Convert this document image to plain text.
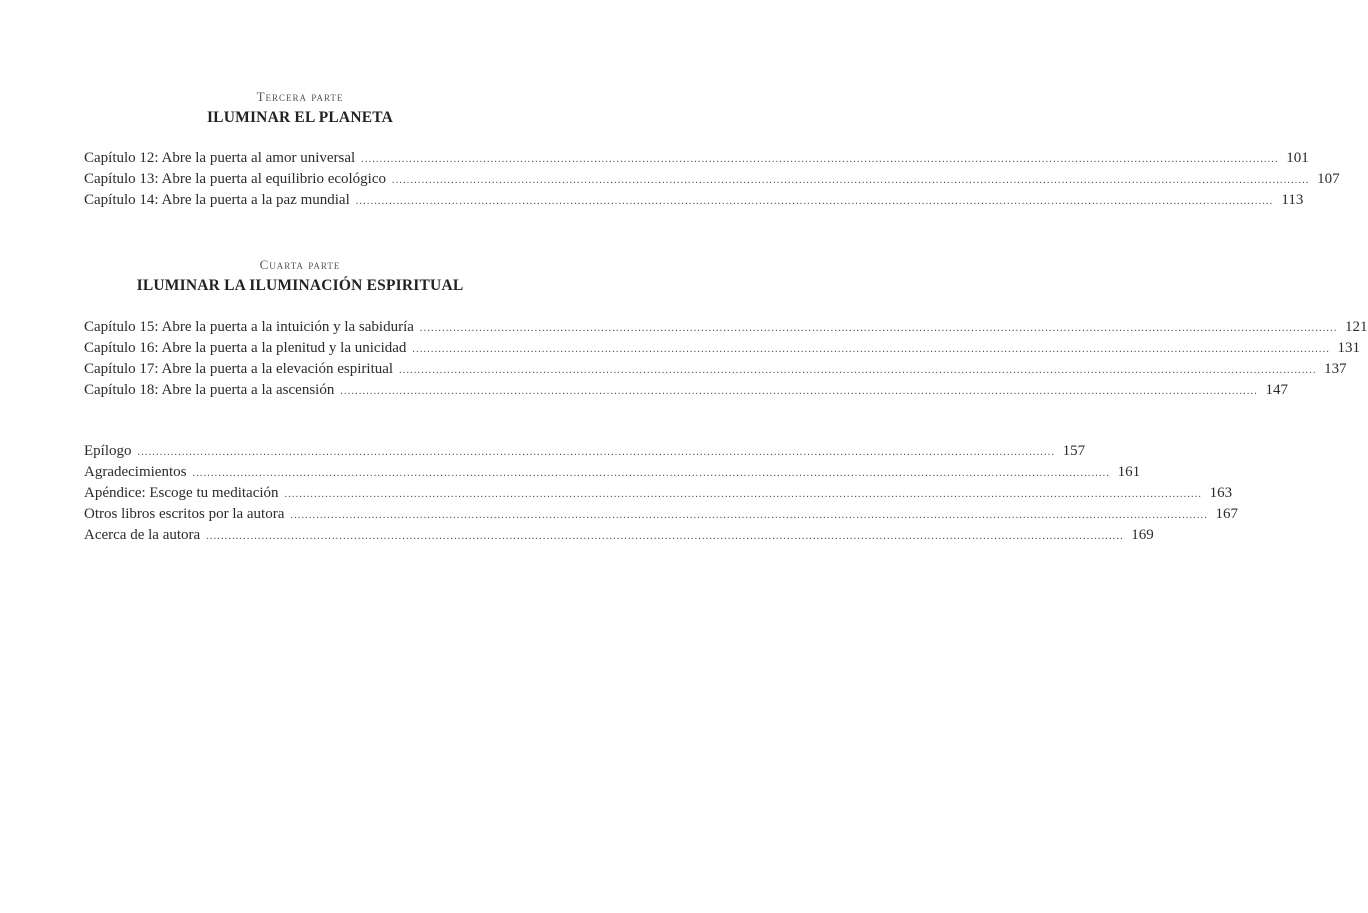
Tercera parte
ILUMINAR EL PLANETA
Capítulo 12: Abre la puerta al amor universal ........................................................................................................................................................................................................................................................ 101
Capítulo 13: Abre la puerta al equilibrio ecológico ........................................................................................................................................................................................................................................................ 107
Capítulo 14: Abre la puerta a la paz mundial ........................................................................................................................................................................................................................................................ 113
Cuarta parte
ILUMINAR LA ILUMINACIÓN ESPIRITUAL
Capítulo 15: Abre la puerta a la intuición y la sabiduría ........................................................................................................................................................................................................................................................ 121
Capítulo 16: Abre la puerta a la plenitud y la unicidad ........................................................................................................................................................................................................................................................ 131
Capítulo 17: Abre la puerta a la elevación espiritual ........................................................................................................................................................................................................................................................ 137
Capítulo 18: Abre la puerta a la ascensión ........................................................................................................................................................................................................................................................ 147
Epílogo ........................................................................................................................................................................................................................................................ 157
Agradecimientos ........................................................................................................................................................................................................................................................ 161
Apéndice: Escoge tu meditación ........................................................................................................................................................................................................................................................ 163
Otros libros escritos por la autora ........................................................................................................................................................................................................................................................ 167
Acerca de la autora ........................................................................................................................................................................................................................................................ 169
